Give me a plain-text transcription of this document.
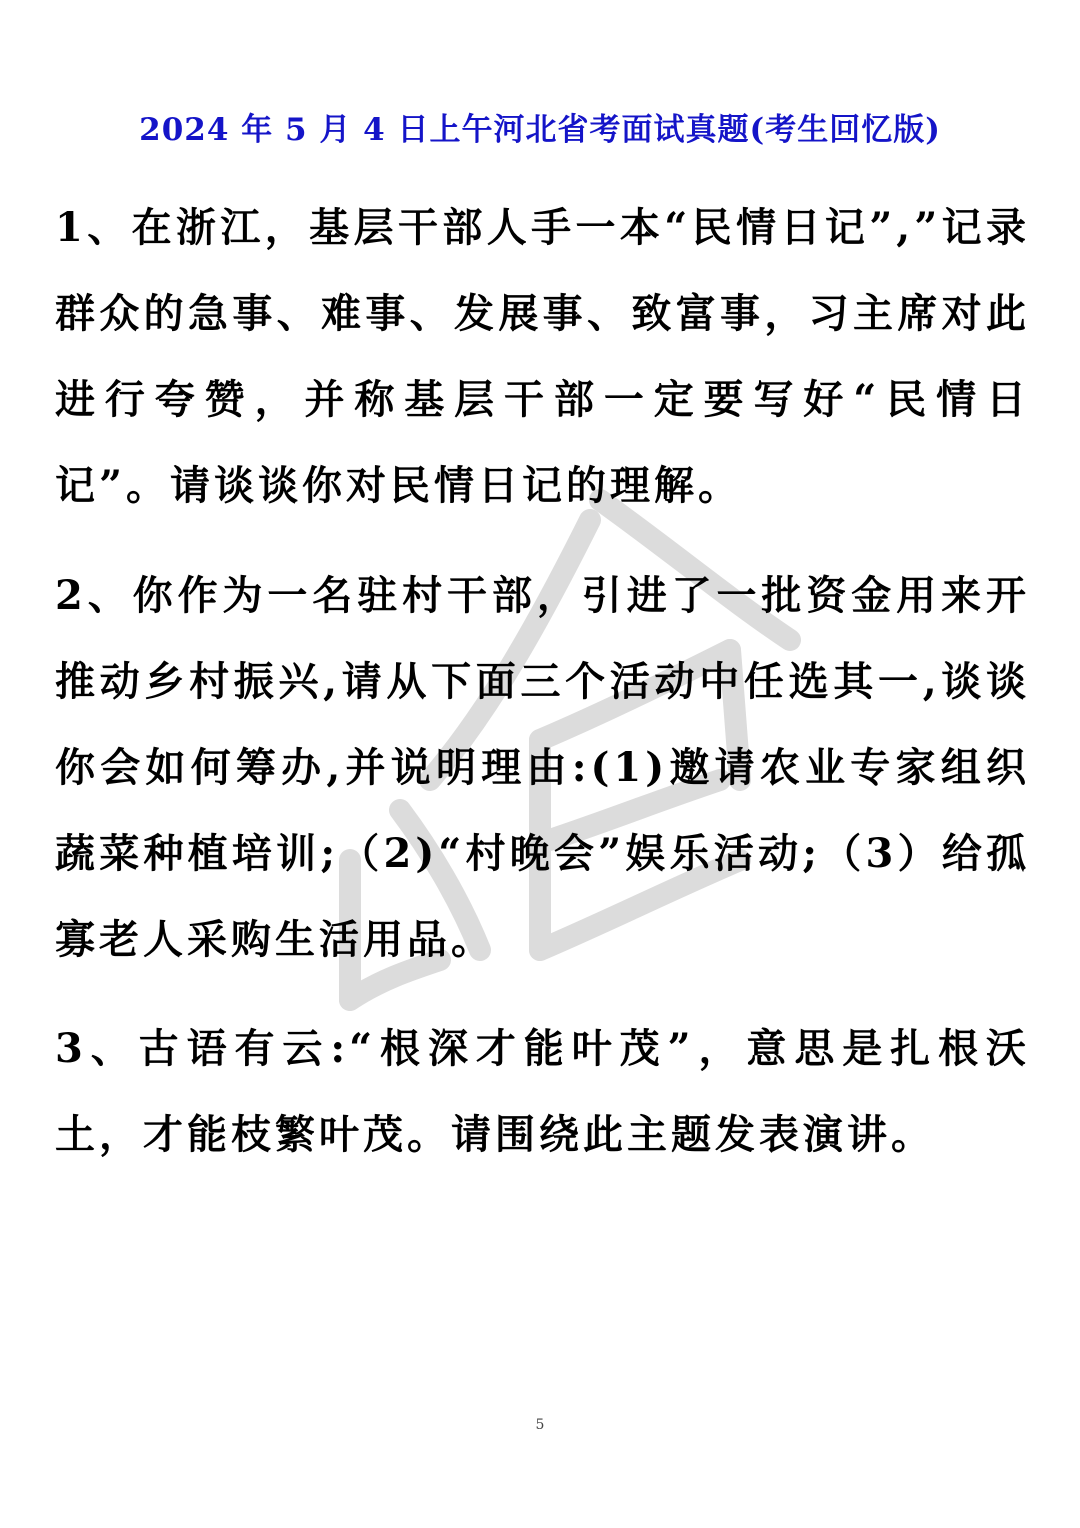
2024 年 5 月 4 日上午河北省考面试真题(考生回忆版)
1、在浙江，基层干部人手一本“民情日记”,”记录群众的急事、难事、发展事、致富事，习主席对此进行夸赞，并称基层干部一定要写好“民情日记”。请谈谈你对民情日记的理解。
2、你作为一名驻村干部，引进了一批资金用来开推动乡村振兴,请从下面三个活动中任选其一,谈谈你会如何筹办,并说明理由:(1)邀请农业专家组织蔬菜种植培训;（2)“村晚会”娱乐活动;（3）给孤寡老人采购生活用品。
3、古语有云:“根深才能叶茂”，意思是扎根沃土，才能枝繁叶茂。请围绕此主题发表演讲。
5
